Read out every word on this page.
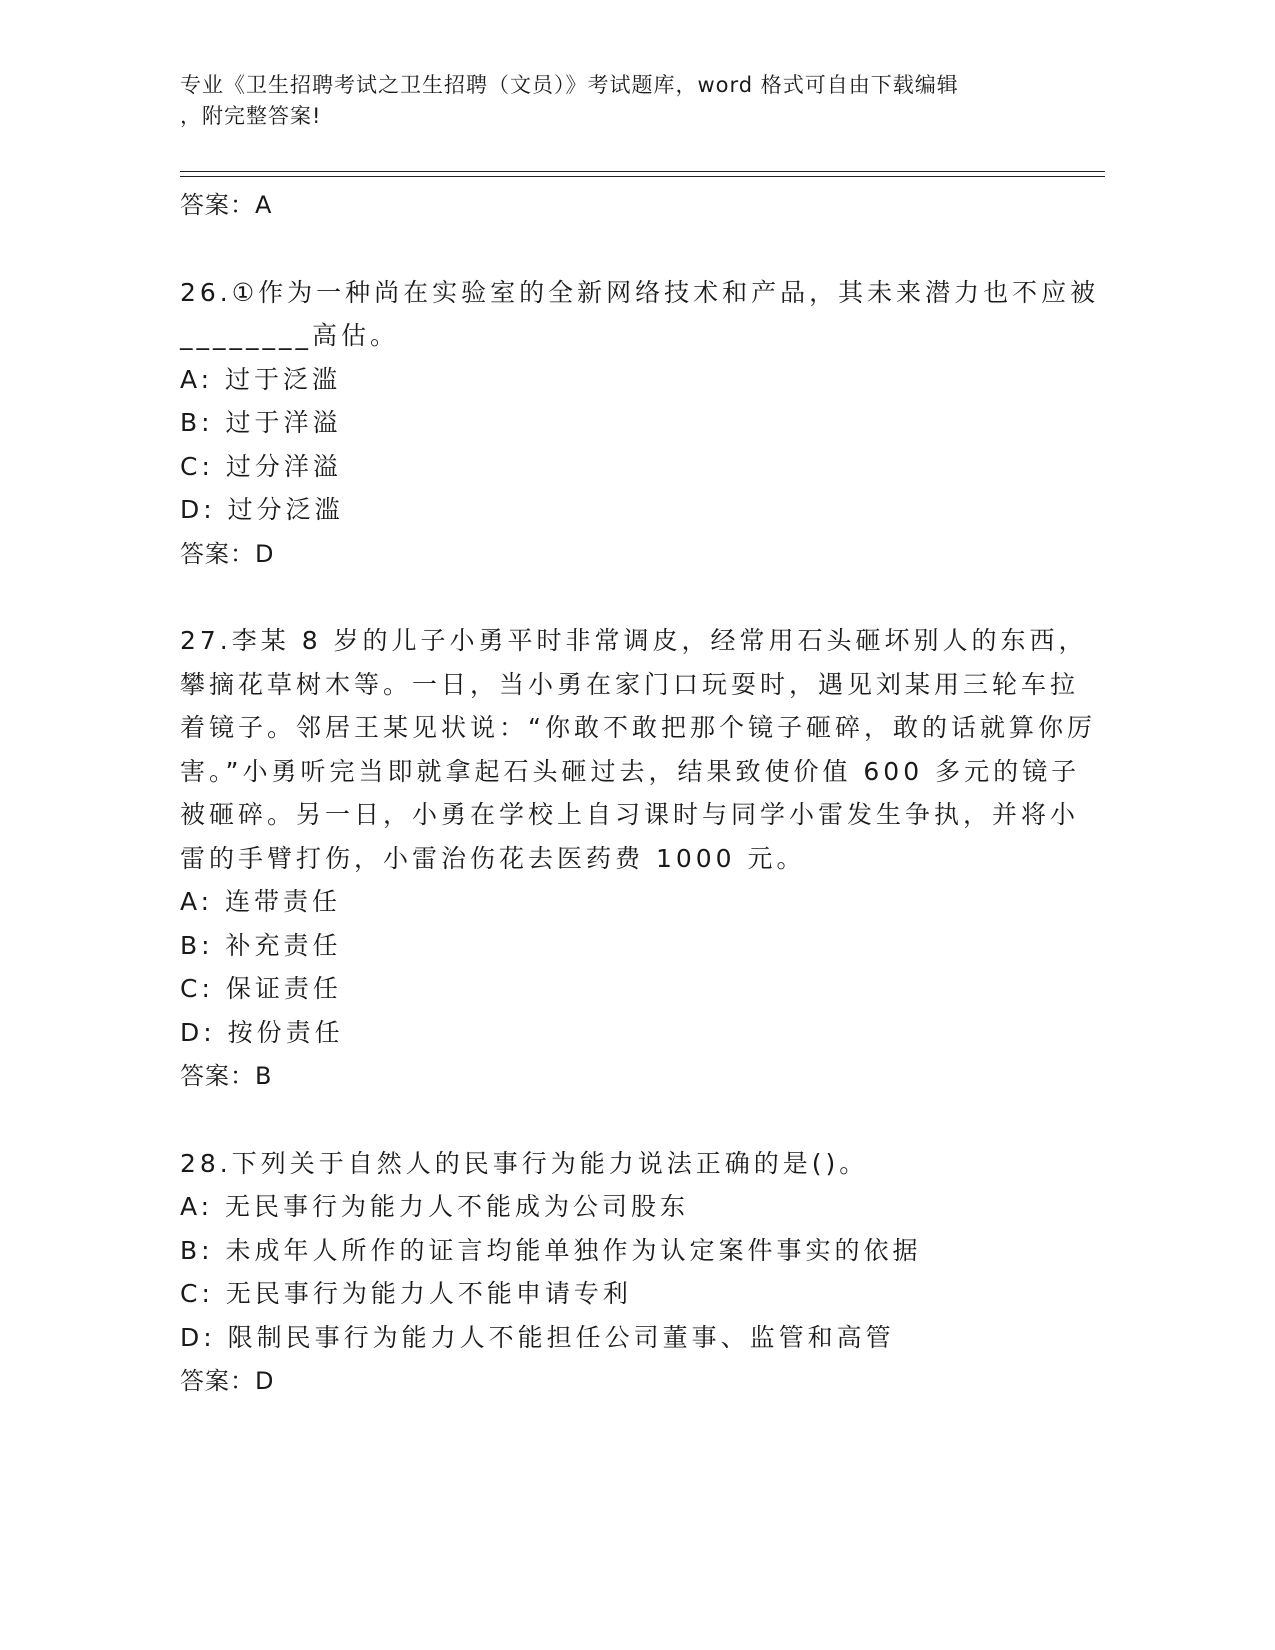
专业《卫生招聘考试之卫生招聘（文员）》考试题库，word 格式可自由下载编辑
，附完整答案!
答案：A
26.①作为一种尚在实验室的全新网络技术和产品，其未来潜力也不应被________高估。
A: 过于泛滥
B: 过于洋溢
C: 过分洋溢
D: 过分泛滥
答案：D
27.李某 8 岁的儿子小勇平时非常调皮，经常用石头砸坏别人的东西，攀摘花草树木等。一日，当小勇在家门口玩耍时，遇见刘某用三轮车拉着镜子。邻居王某见状说：“你敢不敢把那个镜子砸碎，敢的话就算你厉害。”小勇听完当即就拿起石头砸过去，结果致使价值 600 多元的镜子被砸碎。另一日，小勇在学校上自习课时与同学小雷发生争执，并将小雷的手臂打伤，小雷治伤花去医药费 1000 元。
A: 连带责任
B: 补充责任
C: 保证责任
D: 按份责任
答案：B
28.下列关于自然人的民事行为能力说法正确的是()。
A: 无民事行为能力人不能成为公司股东
B: 未成年人所作的证言均能单独作为认定案件事实的依据
C: 无民事行为能力人不能申请专利
D: 限制民事行为能力人不能担任公司董事、监管和高管
答案：D
